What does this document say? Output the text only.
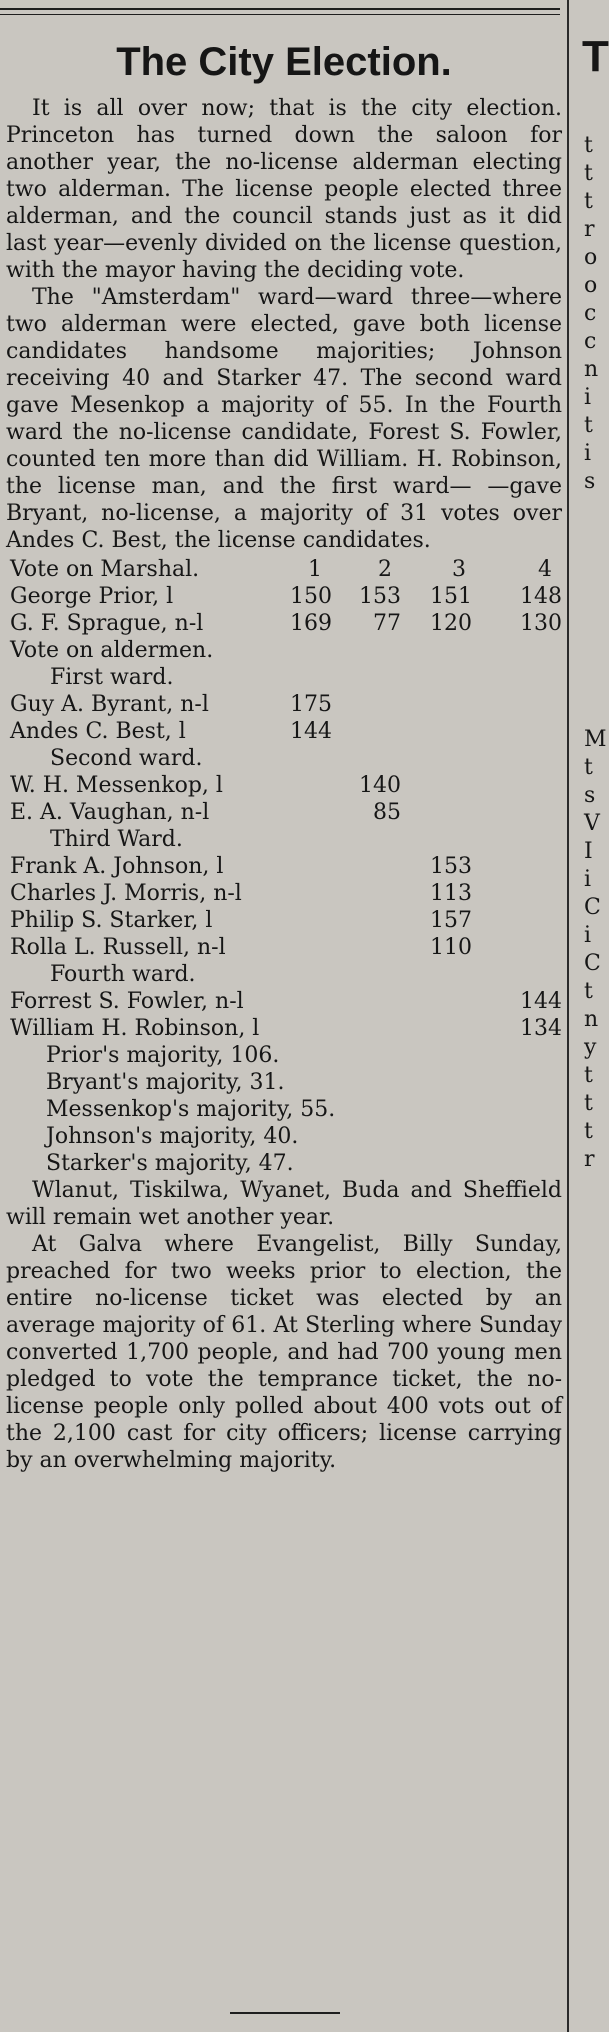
T
t
t
t
r
o
o
c
c
n
i
t
i
s
M
t
s
V
I
i
C
i
C
t
n
y
t
t
t
r
The City Election.

It is all over now; that is the city election. Princeton has turned down the saloon for another year, the no-license alderman electing two alderman. The license people elected three alderman, and the council stands just as it did last year—evenly divided on the license question, with the mayor having the deciding vote.

The "Amsterdam" ward—ward three—where two alderman were elected, gave both license candidates handsome majorities; Johnson receiving 40 and Starker 47. The second ward gave Mesenkop a majority of 55. In the Fourth ward the no-license candidate, Forest S. Fowler, counted ten more than did William. H. Robinson, the license man, and the first ward— —gave Bryant, no-license, a majority of 31 votes over Andes C. Best, the license candidates.

Vote on Marshal.	1	2	3	4
George Prior, l	150 153 151 148
G. F. Sprague, n-l	169 77 120 130
Vote on aldermen.
First ward.
Guy A. Byrant, n-l	175
Andes C. Best, l	144
Second ward.
W. H. Messenkop, l	140
E. A. Vaughan, n-l	85
Third Ward.
Frank A. Johnson, l	153
Charles J. Morris, n-l	113
Philip S. Starker, l	157
Rolla L. Russell, n-l	110
Fourth ward.
Forrest S. Fowler, n-l	144
William H. Robinson, l	134
Prior's majority, 106.
Bryant's majority, 31.
Messenkop's majority, 55.
Johnson's majority, 40.
Starker's majority, 47.

Wlanut, Tiskilwa, Wyanet, Buda and Sheffield will remain wet another year.

At Galva where Evangelist, Billy Sunday, preached for two weeks prior to election, the entire no-license ticket was elected by an average majority of 61. At Sterling where Sunday converted 1,700 people, and had 700 young men pledged to vote the temprance ticket, the no-license people only polled about 400 vots out of the 2,100 cast for city officers; license carrying by an overwhelming majority.
